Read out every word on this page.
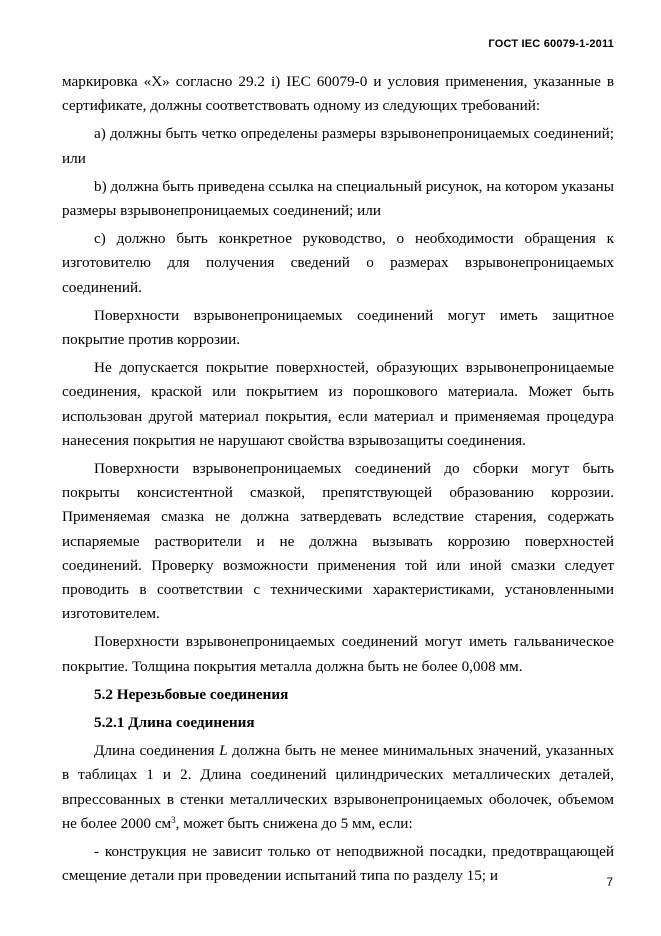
ГОСТ IEC 60079-1-2011

маркировка «X» согласно 29.2 i) IEC 60079-0 и условия применения, указанные в сертификате, должны соответствовать одному из следующих требований:

a) должны быть четко определены размеры взрывонепроницаемых соединений; или

b) должна быть приведена ссылка на специальный рисунок, на котором указаны размеры взрывонепроницаемых соединений; или

c) должно быть конкретное руководство, о необходимости обращения к изготовителю для получения сведений о размерах взрывонепроницаемых соединений.

Поверхности взрывонепроницаемых соединений могут иметь защитное покрытие против коррозии.

Не допускается покрытие поверхностей, образующих взрывонепроницаемые соединения, краской или покрытием из порошкового материала. Может быть использован другой материал покрытия, если материал и применяемая процедура нанесения покрытия не нарушают свойства взрывозащиты соединения.

Поверхности взрывонепроницаемых соединений до сборки могут быть покрыты консистентной смазкой, препятствующей образованию коррозии. Применяемая смазка не должна затвердевать вследствие старения, содержать испаряемые растворители и не должна вызывать коррозию поверхностей соединений. Проверку возможности применения той или иной смазки следует проводить в соответствии с техническими характеристиками, установленными изготовителем.

Поверхности взрывонепроницаемых соединений могут иметь гальваническое покрытие. Толщина покрытия металла должна быть не более 0,008 мм.

5.2 Нерезьбовые соединения

5.2.1 Длина соединения

Длина соединения L должна быть не менее минимальных значений, указанных в таблицах 1 и 2. Длина соединений цилиндрических металлических деталей, впрессованных в стенки металлических взрывонепроницаемых оболочек, объемом не более 2000 $см^3$, может быть снижена до 5 мм, если:

- конструкция не зависит только от неподвижной посадки, предотвращающей смещение детали при проведении испытаний типа по разделу 15; и	7
